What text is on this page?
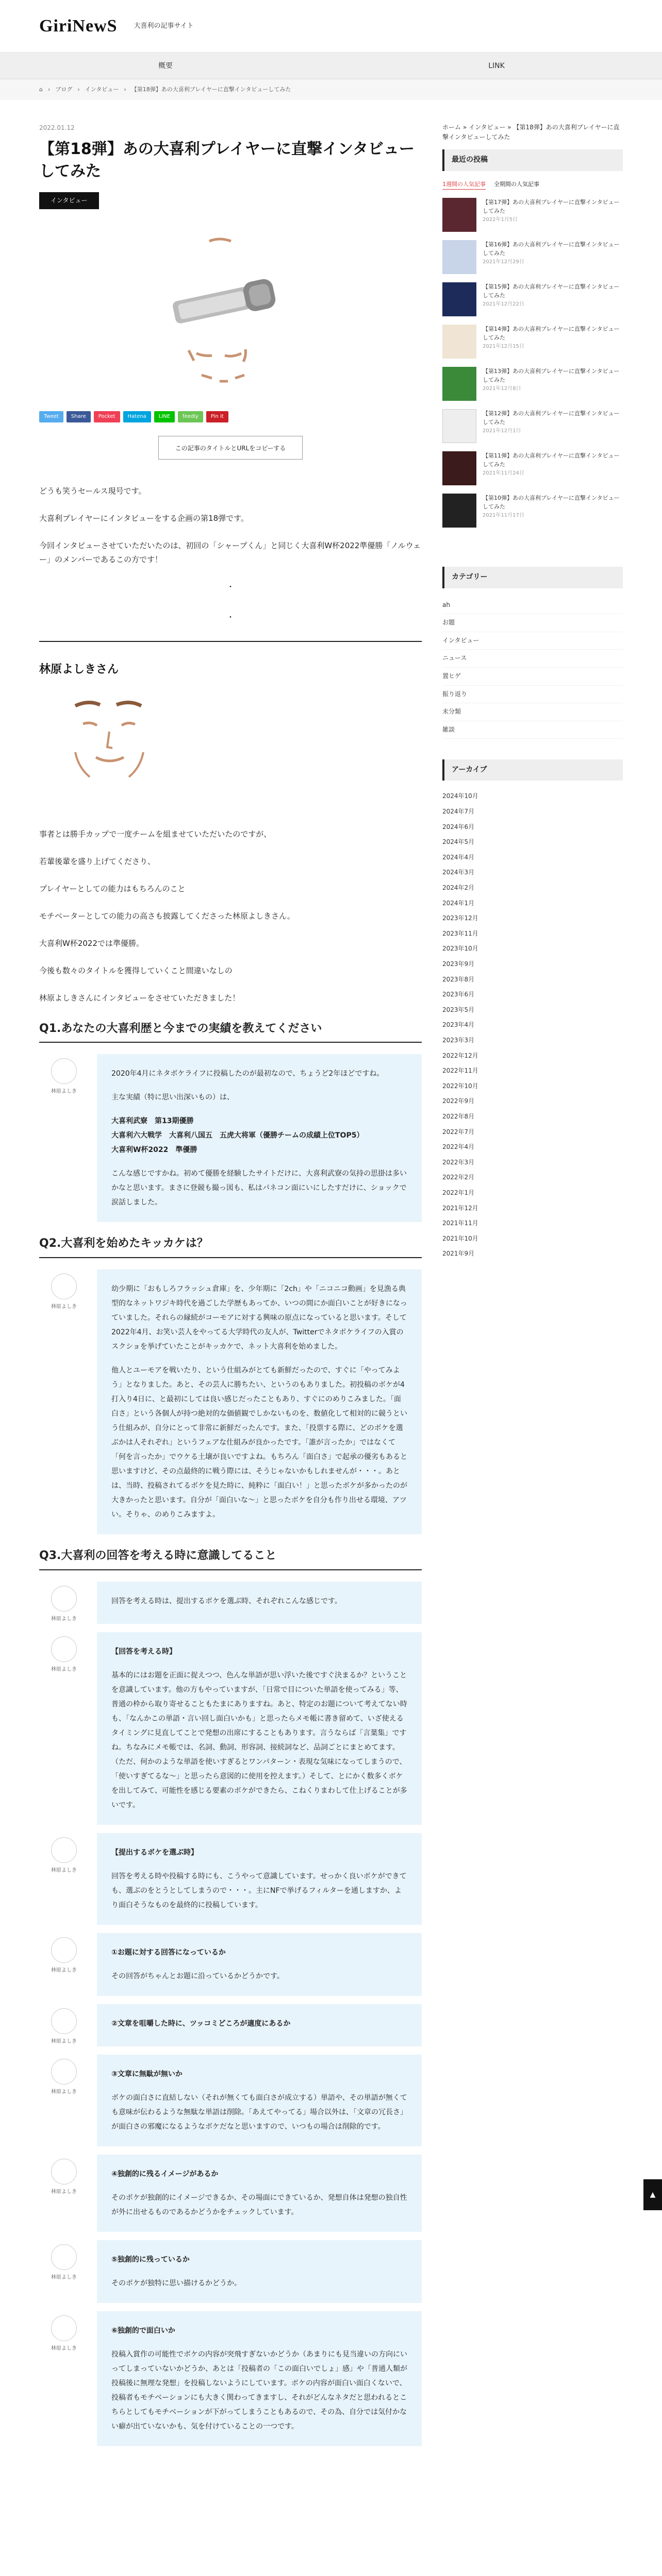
GiriNewS 大喜利の記事サイト
概要	LINK
⌂ › ブログ › インタビュー › 【第18弾】あの大喜利プレイヤーに直撃インタビューしてみた
2022.01.12
【第18弾】あの大喜利プレイヤーに直撃インタビューしてみた
インタビュー
Tweet	Share	Pocket	Hatena	LINE	feedly	Pin it
この記事のタイトルとURLをコピーする

どうも笑うセールス現号です。

大喜利プレイヤーにインタビューをする企画の第18弾です。

今回インタビューさせていただいたのは、初回の「シャープくん」と同じく大喜利W杯2022準優勝「ノルウェー」のメンバーであるこの方です！

・
・
林原よしきさん

事者とは勝手カップで一度チームを組ませていただいたのですが、

若輩後輩を盛り上げてくださり、

プレイヤーとしての能力はもちろんのこと

モチベーターとしての能力の高さも披露してくださった林原よしきさん。

大喜利W杯2022では準優勝。

今後も数々のタイトルを獲得していくこと間違いなしの

林原よしきさんにインタビューをさせていただきました！

Q1.あなたの大喜利歴と今までの実績を教えてください
林原よしき

2020年4月にネタボケライフに投稿したのが最初なので、ちょうど2年ほどですね。

主な実績（特に思い出深いもの）は、

大喜利武寮　第13期優勝

大喜利六大戦学　大喜利八国五　五虎大将軍（優勝チームの成績上位TOP5）

大喜利W杯2022　準優勝

こんな感じですかね。初めて優勝を経験したサイトだけに、大喜利武寮の気持の思掛は多いかなと思います。まさに登競も撮っ図も、私はパネコン面にいにしたすだけに、ショックで涙話しました。

Q2.大喜利を始めたキッカケは？
林原よしき

幼少期に「おもしろフラッシュ倉庫」を、少年期に「2ch」や「ニコニコ動画」を見漁る典型的なネットワジキ時代を過ごした学歴もあってか、いつの間にか面白いことが好きになっていました。それらの縁続がコーモアに対する興味の原点になっていると思います。そして2022年4月、お笑い芸人をやってる大学時代の友人が、Twitterでネタボケライフの入賞のスクショを挙げていたことがキッカケで、ネット大喜利を始めました。

他人とユーモアを戦いたり、という仕組みがとても新鮮だったので、すぐに「やってみよう」となりました。あと、その芸人に勝ちたい、というのもありました。初投稿のボケが4打入り4日に、と最初にしては良い感じだったこともあり、すぐにのめりこみました。「面白さ」という各個人が持つ絶対的な価値観でしかないものを、数値化して相対的に競うという仕組みが、自分にとって非常に新鮮だったんです。また、「投票する際に、どのボケを選ぶかは人それぞれ」というフェアな仕組みが良かったです。「誰が言ったか」ではなくて「何を言ったか」でウケる土壌が良いですよね。もちろん「面白さ」で起承の優劣もあると思いますけど、その点最終的に戦う際には、そうじゃないかもしれませんが・・・。あとは、当時、投稿されてるボケを見た時に、純粋に「面白い！」と思ったボケが多かったのが大きかったと思います。自分が「面白いな～」と思ったボケを自分も作り出せる環境、アツい。そりゃ、のめりこみますよ。

Q3.大喜利の回答を考える時に意識してること
林原よしき

回答を考える時は、提出するボケを選ぶ時、それぞれこんな感じです。

林原よしき

【回答を考える時】

基本的にはお題を正面に捉えつつ、色んな単語が思い浮いた後ですぐ決まるか？ということを意識しています。他の方もやっていますが、「日常で目についた単語を使ってみる」等、普通の枠から取り寄せることもたまにありますね。あと、特定のお題について考えてない時も、「なんかこの単語・言い回し面白いかも」と思ったらメモ帳に書き留めて、いざ使えるタイミングに見直してことで発想の出席にすることもあります。言うならば「言葉集」ですね。ちなみにメモ帳では、名詞、動詞、形容詞、接続詞など、品詞ごとにまとめてます。（ただ、何かのような単語を使いすぎるとワンパターン・表現な気味になってしまうので、「使いすぎてるな～」と思ったら意図的に使用を控えます。）そして、とにかく数多くボケを出してみて、可能性を感じる要素のボケができたら、こねくりまわして仕上げることが多いです。

林原よしき

【提出するボケを選ぶ時】

回答を考える時や投稿する時にも、こうやって意識しています。せっかく良いボケができても、選ぶのをとうとしてしまうので・・・。主にNFで挙げるフィルターを通しますか、より面白そうなものを最終的に投稿しています。

林原よしき

①お題に対する回答になっているか

その回答がちゃんとお題に沿っているかどうかです。

林原よしき

②文章を咀嚼した時に、ツッコミどころが適度にあるか

林原よしき

③文章に無駄が無いか

ボケの面白さに直結しない（それが無くても面白さが成立する）単語や、その単語が無くても意味が伝わるような無駄な単語は削除。「あえてやってる」場合以外は、「文章の冗長さ」が面白さの邪魔になるようなボケだなと思いますので、いつもの場合は削除的です。

林原よしき

④独創的に残るイメージがあるか

そのボケが独創的にイメージできるか、その場面にできているか、発想自体は発想の独自性が外に出せるものであるかどうかをチェックしています。

林原よしき

⑤独創的に残っているか

そのボケが独特に思い描けるかどうか。

林原よしき

⑥独創的で面白いか

投稿入賞作の可能性でボケの内容が突飛すぎないかどうか（あまりにも見当違いの方向にいってしまっていないかどうか、あとは「投稿者の「この面白いでしょ」感」や「普通人類が投稿後に無理な発想」を投稿しないようにしています。ボケの内容が面白い面白くないで、投稿者もモチベーションにも大きく関わってきますし、それがどんなネタだと思われるとこちらとしてもモチベーションが下がってしまうこともあるので、その為、自分では気付かない癖が出ていないかも、気を付けていることの一つです。

ホーム » インタビュー » 【第18弾】あの大喜利プレイヤーに直撃インタビューしてみた
最近の投稿
1週間の人気記事 全期間の人気記事
【第17弾】あの大喜利プレイヤーに直撃インタビューしてみた
2022年1月5日
【第16弾】あの大喜利プレイヤーに直撃インタビューしてみた
2021年12月29日
【第15弾】あの大喜利プレイヤーに直撃インタビューしてみた
2021年12月22日
【第14弾】あの大喜利プレイヤーに直撃インタビューしてみた
2021年12月15日
【第13弾】あの大喜利プレイヤーに直撃インタビューしてみた
2021年12月8日
【第12弾】あの大喜利プレイヤーに直撃インタビューしてみた
2021年12月1日
【第11弾】あの大喜利プレイヤーに直撃インタビューしてみた
2021年11月24日
【第10弾】あの大喜利プレイヤーに直撃インタビューしてみた
2021年11月17日
カテゴリー
ah
お題
インタビュー
ニュース
置ヒゲ
振り返り
未分類
雑談
アーカイブ
2024年10月
2024年7月
2024年6月
2024年5月
2024年4月
2024年3月
2024年2月
2024年1月
2023年12月
2023年11月
2023年10月
2023年9月
2023年8月
2023年6月
2023年5月
2023年4月
2023年3月
2022年12月
2022年11月
2022年10月
2022年9月
2022年8月
2022年7月
2022年4月
2022年3月
2022年2月
2022年1月
2021年12月
2021年11月
2021年10月
2021年9月
▲
